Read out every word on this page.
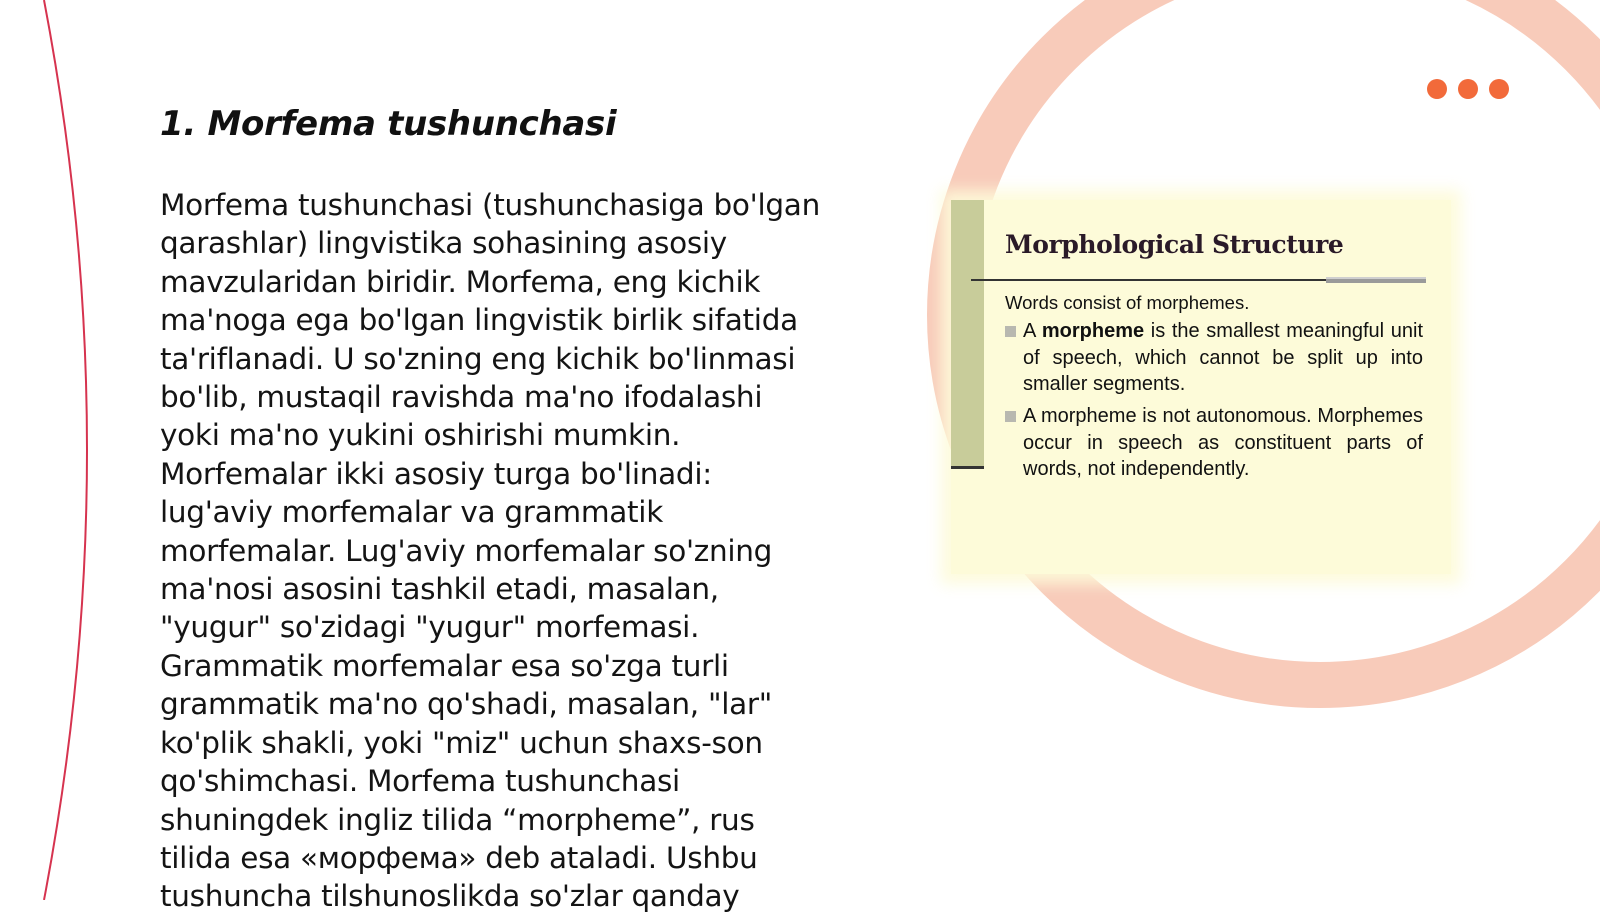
1. Morfema tushunchasi

Morfema tushunchasi (tushunchasiga bo'lgan qarashlar) lingvistika sohasining asosiy mavzularidan biridir. Morfema, eng kichik ma'noga ega bo'lgan lingvistik birlik sifatida ta'riflanadi. U so'zning eng kichik bo'linmasi bo'lib, mustaqil ravishda ma'no ifodalashi yoki ma'no yukini oshirishi mumkin. Morfemalar ikki asosiy turga bo'linadi: lug'aviy morfemalar va grammatik morfemalar. Lug'aviy morfemalar so'zning ma'nosi asosini tashkil etadi, masalan, "yugur" so'zidagi "yugur" morfemasi. Grammatik morfemalar esa so'zga turli grammatik ma'no qo'shadi, masalan, "lar" ko'plik shakli, yoki "miz" uchun shaxs-son qo'shimchasi. Morfema tushunchasi shuningdek ingliz tilida “morpheme”, rus tilida esa «морфема» deb ataladi. Ushbu tushuncha tilshunoslikda so'zlar qanday

Morphological Structure

Words consist of morphemes.

A morpheme is the smallest meaningful unit of speech, which cannot be split up into smaller segments.
A morpheme is not autonomous. Morphemes occur in speech as constituent parts of words, not independently.
